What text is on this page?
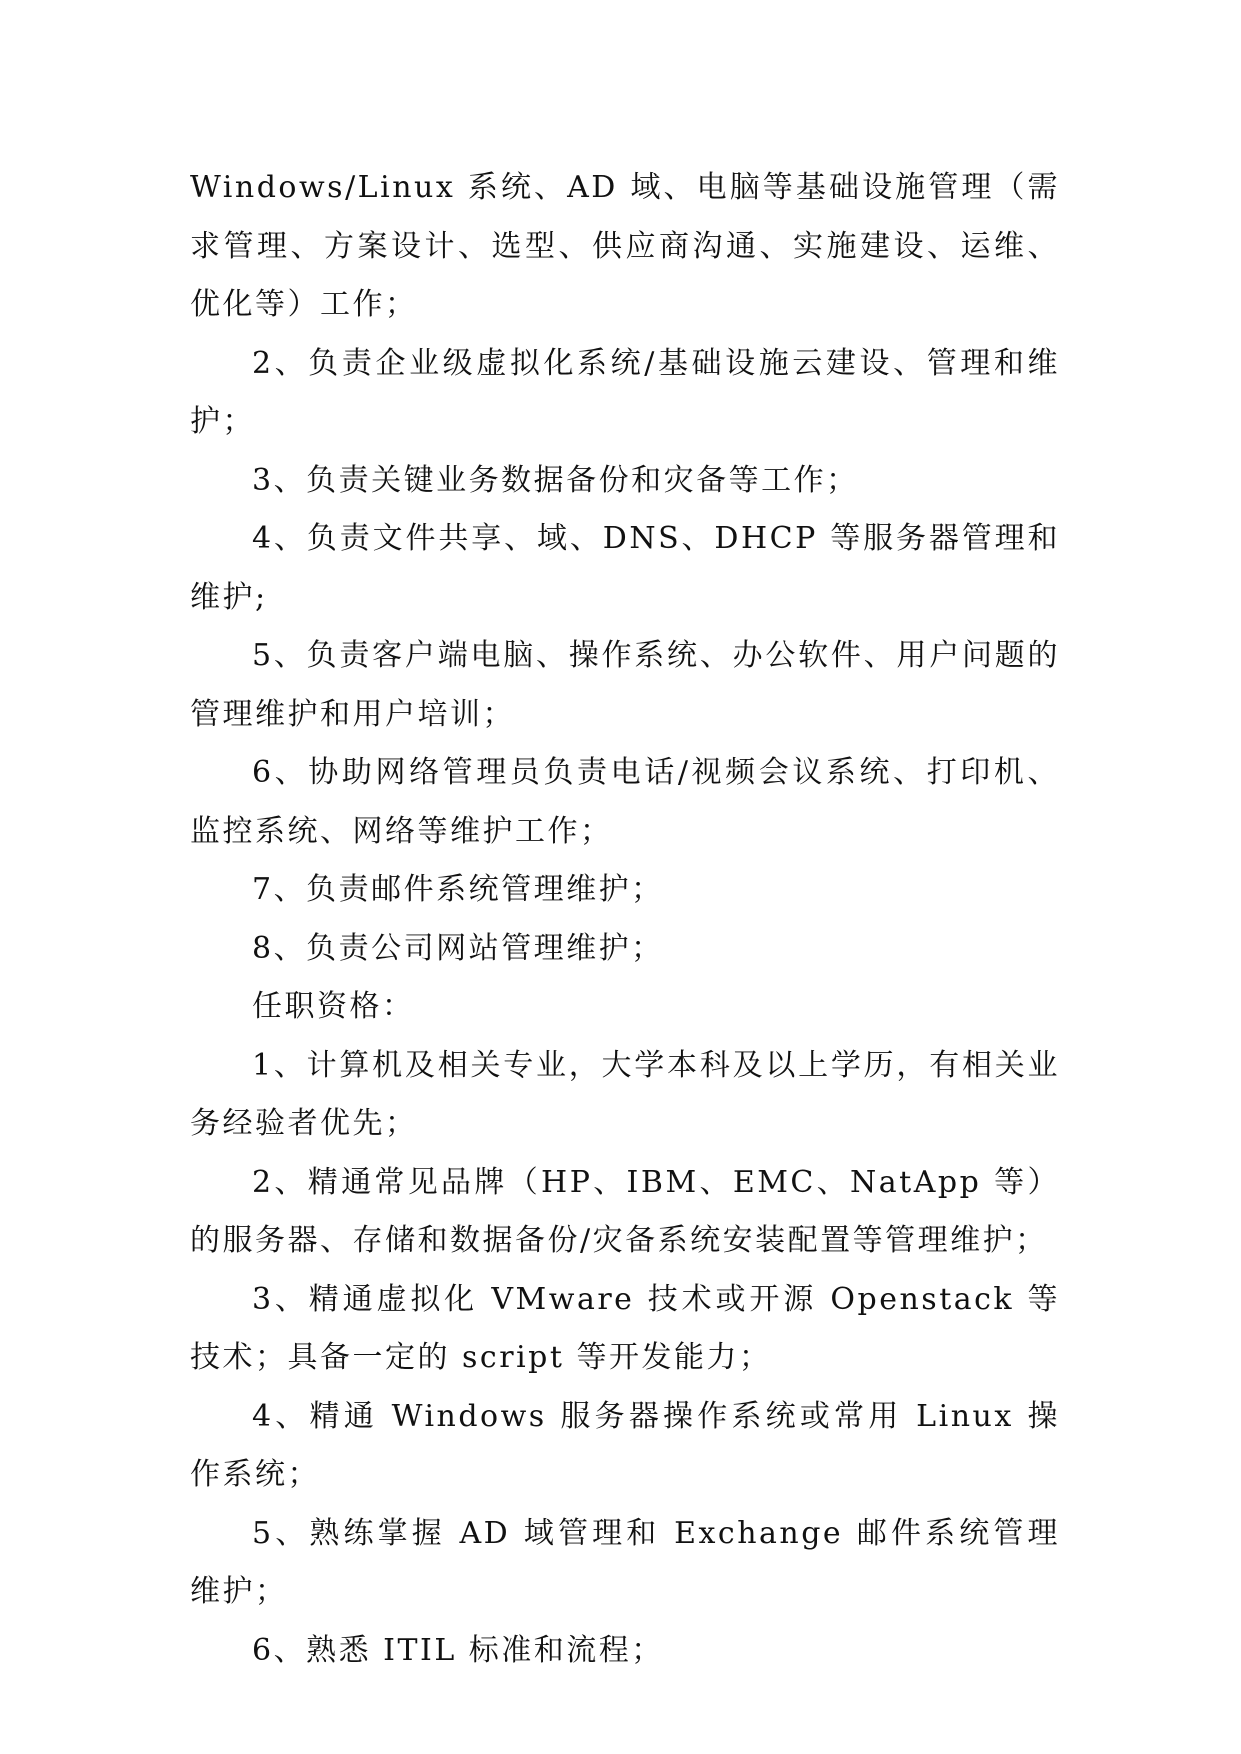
Windows/Linux 系统、AD 域、电脑等基础设施管理（需求管理、方案设计、选型、供应商沟通、实施建设、运维、优化等）工作；

2、负责企业级虚拟化系统/基础设施云建设、管理和维护；

3、负责关键业务数据备份和灾备等工作；

4、负责文件共享、域、DNS、DHCP 等服务器管理和维护;

5、负责客户端电脑、操作系统、办公软件、用户问题的管理维护和用户培训；

6、协助网络管理员负责电话/视频会议系统、打印机、监控系统、网络等维护工作；

7、负责邮件系统管理维护；

8、负责公司网站管理维护；

任职资格：

1、计算机及相关专业，大学本科及以上学历，有相关业务经验者优先；

2、精通常见品牌（HP、IBM、EMC、NatApp 等）的服务器、存储和数据备份/灾备系统安装配置等管理维护；

3、精通虚拟化 VMware 技术或开源 Openstack 等技术；具备一定的 script 等开发能力；

4、精通 Windows 服务器操作系统或常用 Linux 操作系统；

5、熟练掌握 AD 域管理和 Exchange 邮件系统管理维护；

6、熟悉 ITIL 标准和流程；
